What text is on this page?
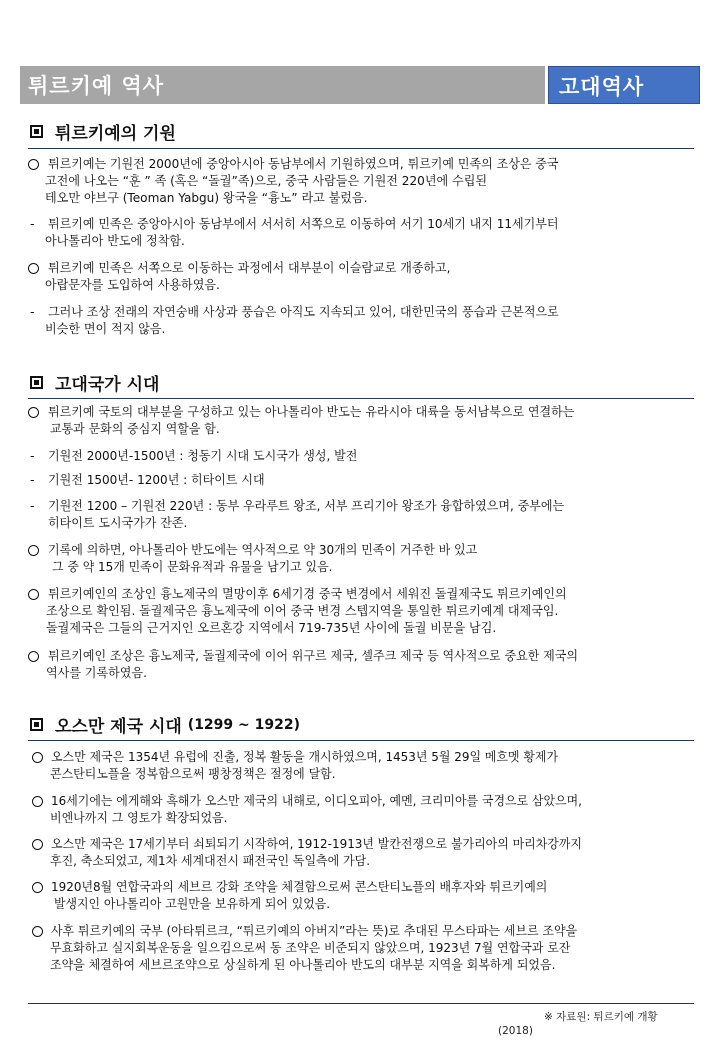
튀르키예 역사	고대역사
튀르키예의 기원
튀르키예는 기원전 2000년에 중앙아시아 동남부에서 기원하였으며, 튀르키예 민족의 조상은 중국
고전에 나오는 “훈 ” 족 (혹은 “돌궐”족)으로, 중국 사람들은 기원전 220년에 수립된
테오만 야브구 (Teoman Yabgu) 왕국을 “흉노” 라고 불렀음.
- 튀르키예 민족은 중앙아시아 동남부에서 서서히 서쪽으로 이동하여 서기 10세기 내지 11세기부터
아나톨리아 반도에 정착함.
튀르키예 민족은 서쪽으로 이동하는 과정에서 대부분이 이슬람교로 개종하고,
아랍문자를 도입하여 사용하였음.
- 그러나 조상 전래의 자연숭배 사상과 풍습은 아직도 지속되고 있어, 대한민국의 풍습과 근본적으로
비슷한 면이 적지 않음.
고대국가 시대
튀르키예 국토의 대부분을 구성하고 있는 아나톨리아 반도는 유라시아 대륙을 동서남북으로 연결하는
교통과 문화의 중심지 역할을 함.
- 기원전 2000년-1500년 : 청동기 시대 도시국가 생성, 발전
- 기원전 1500년- 1200년 : 히타이트 시대
- 기원전 1200 – 기원전 220년 : 동부 우라루트 왕조, 서부 프리기아 왕조가 융합하였으며, 중부에는
히타이트 도시국가가 잔존.
기록에 의하면, 아나톨리아 반도에는 역사적으로 약 30개의 민족이 거주한 바 있고
그 중 약 15개 민족이 문화유적과 유물을 남기고 있음.
튀르키예인의 조상인 흉노제국의 멸망이후 6세기경 중국 변경에서 세워진 돌궐제국도 튀르키예인의
조상으로 확인됨. 돌궐제국은 흉노제국에 이어 중국 변경 스텝지역을 통일한 튀르키예계 대제국임.
돌궐제국은 그들의 근거지인 오르혼강 지역에서 719-735년 사이에 돌궐 비문을 남김.
튀르키예인 조상은 흉노제국, 돌궐제국에 이어 위구르 제국, 셀주크 제국 등 역사적으로 중요한 제국의
역사를 기록하였음.
오스만 제국 시대 (1299 ~ 1922)
오스만 제국은 1354년 유럽에 진출, 정복 활동을 개시하였으며, 1453년 5월 29일 메흐멧 황제가
콘스탄티노플을 정복함으로써 팽창정책은 절정에 달함.
16세기에는 에게해와 흑해가 오스만 제국의 내해로, 이디오피아, 예멘, 크리미아를 국경으로 삼았으며,
비엔나까지 그 영토가 확장되었음.
오스만 제국은 17세기부터 쇠퇴되기 시작하여, 1912-1913년 발칸전쟁으로 불가리아의 마리차강까지
후진, 축소되었고, 제1차 세계대전시 패전국인 독일측에 가담.
1920년8월 연합국과의 세브르 강화 조약을 체결함으로써 콘스탄티노플의 배후자와 튀르키예의
발생지인 아나톨리아 고원만을 보유하게 되어 있었음.
사후 튀르키예의 국부 (아타튀르크, “튀르키예의 아버지”라는 뜻)로 추대된 무스타파는 세브르 조약을
무효화하고 실지회복운동을 일으킴으로써 동 조약은 비준되지 않았으며, 1923년 7월 연합국과 로잔
조약을 체결하여 세브르조약으로 상실하게 된 아나톨리아 반도의 대부분 지역을 회복하게 되었음.
※ 자료원: 튀르키예 개황
(2018)
